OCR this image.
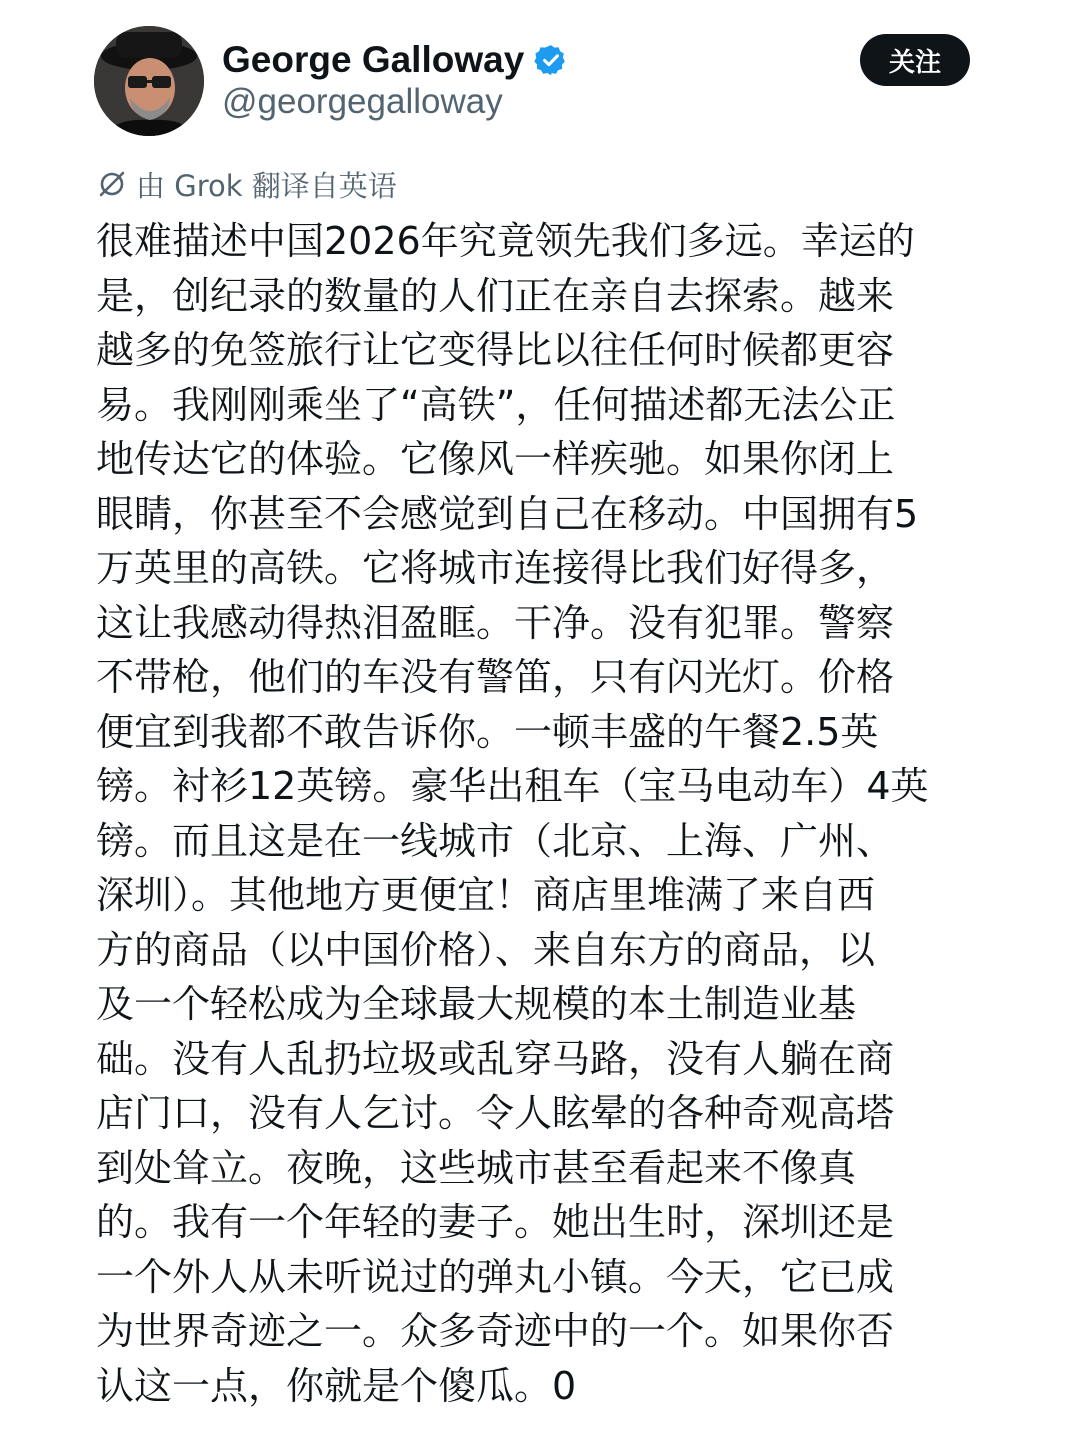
George Galloway
@georgegalloway
关注
由 Grok 翻译自英语
很难描述中国2026年究竟领先我们多远。幸运的
是，创纪录的数量的人们正在亲自去探索。越来
越多的免签旅行让它变得比以往任何时候都更容
易。我刚刚乘坐了“高铁”，任何描述都无法公正
地传达它的体验。它像风一样疾驰。如果你闭上
眼睛，你甚至不会感觉到自己在移动。中国拥有5
万英里的高铁。它将城市连接得比我们好得多，
这让我感动得热泪盈眶。干净。没有犯罪。警察
不带枪，他们的车没有警笛，只有闪光灯。价格
便宜到我都不敢告诉你。一顿丰盛的午餐2.5英
镑。衬衫12英镑。豪华出租车（宝马电动车）4英
镑。而且这是在一线城市（北京、上海、广州、
深圳）。其他地方更便宜！商店里堆满了来自西
方的商品（以中国价格）、来自东方的商品，以
及一个轻松成为全球最大规模的本土制造业基
础。没有人乱扔垃圾或乱穿马路，没有人躺在商
店门口，没有人乞讨。令人眩晕的各种奇观高塔
到处耸立。夜晚，这些城市甚至看起来不像真
的。我有一个年轻的妻子。她出生时，深圳还是
一个外人从未听说过的弹丸小镇。今天，它已成
为世界奇迹之一。众多奇迹中的一个。如果你否
认这一点，你就是个傻瓜。0
